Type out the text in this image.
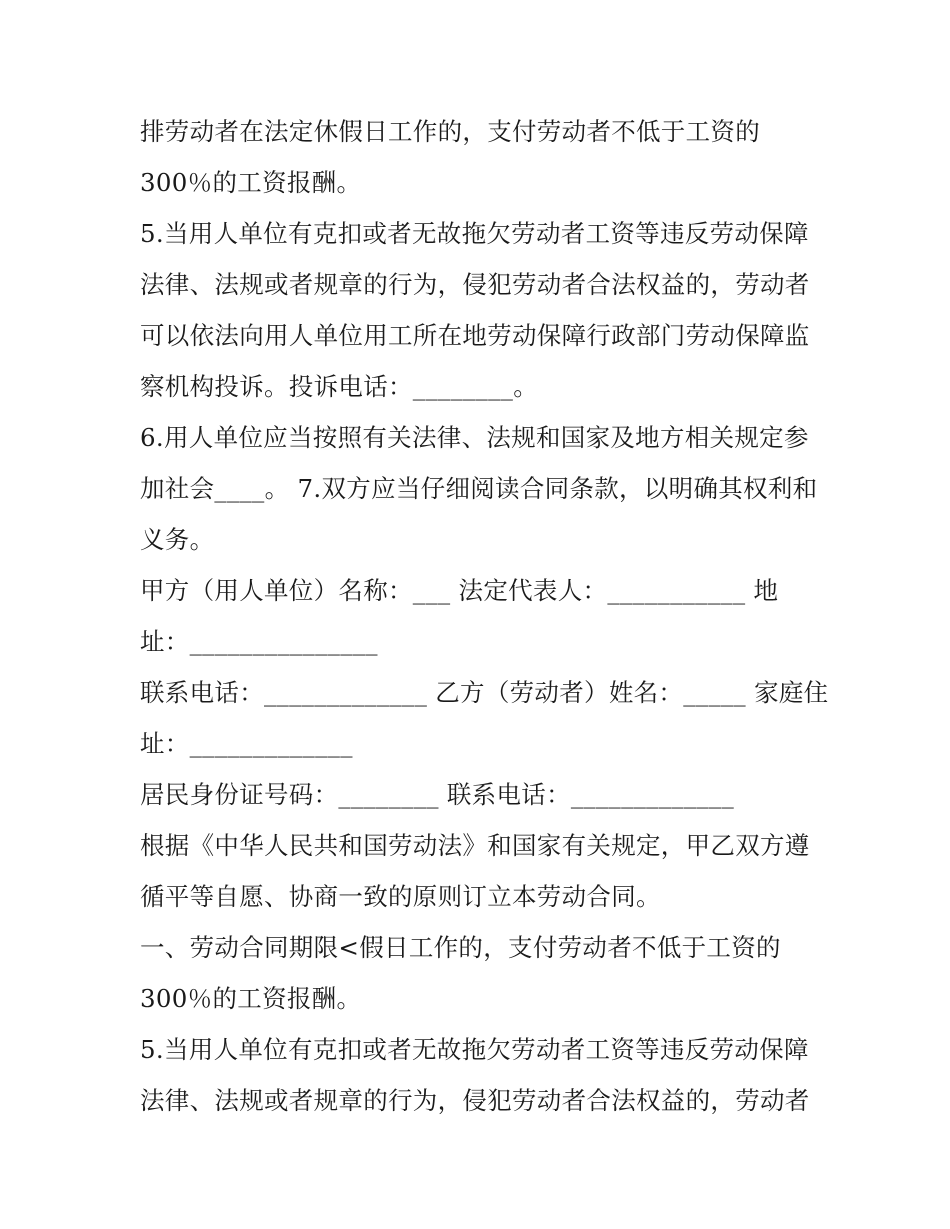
排劳动者在法定休假日工作的，支付劳动者不低于工资的
300％的工资报酬。
5.当用人单位有克扣或者无故拖欠劳动者工资等违反劳动保障
法律、法规或者规章的行为，侵犯劳动者合法权益的，劳动者
可以依法向用人单位用工所在地劳动保障行政部门劳动保障监
察机构投诉。投诉电话：________。
6.用人单位应当按照有关法律、法规和国家及地方相关规定参
加社会____。 7.双方应当仔细阅读合同条款，以明确其权利和
义务。
甲方（用人单位）名称：___ 法定代表人：___________ 地
址：_______________
联系电话：_____________ 乙方（劳动者）姓名：_____ 家庭住
址：_____________
居民身份证号码：________ 联系电话：_____________
根据《中华人民共和国劳动法》和国家有关规定，甲乙双方遵
循平等自愿、协商一致的原则订立本劳动合同。
一、劳动合同期限<假日工作的，支付劳动者不低于工资的
300％的工资报酬。
5.当用人单位有克扣或者无故拖欠劳动者工资等违反劳动保障
法律、法规或者规章的行为，侵犯劳动者合法权益的，劳动者
